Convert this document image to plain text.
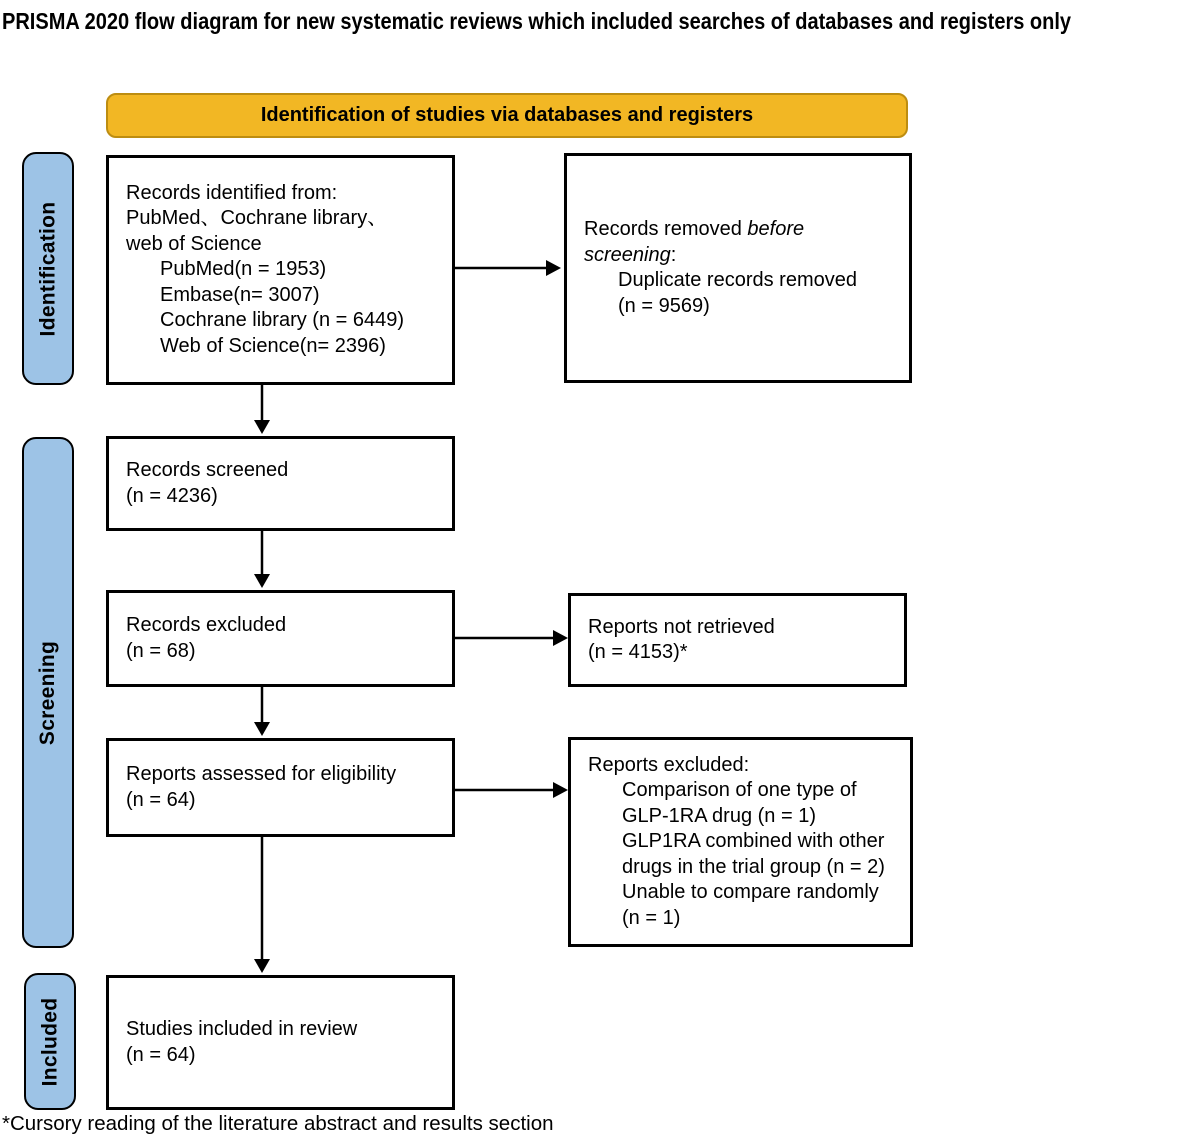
PRISMA 2020 flow diagram for new systematic reviews which included searches of databases and registers only
Identification of studies via databases and registers
Identification
Screening
Included
Records identified from:
PubMed、Cochrane library、
web of Science
PubMed(n = 1953)
Embase(n= 3007)
Cochrane library (n = 6449)
Web of Science(n= 2396)
Records removed before
screening:
Duplicate records removed
(n = 9569)
Records screened
(n = 4236)
Records excluded
(n = 68)
Reports not retrieved
(n = 4153)*
Reports assessed for eligibility
(n = 64)
Reports excluded:
Comparison of one type of
GLP-1RA drug (n = 1)
GLP1RA combined with other
drugs in the trial group (n = 2)
Unable to compare randomly
(n = 1)
Studies included in review
(n = 64)
*Cursory reading of the literature abstract and results section
